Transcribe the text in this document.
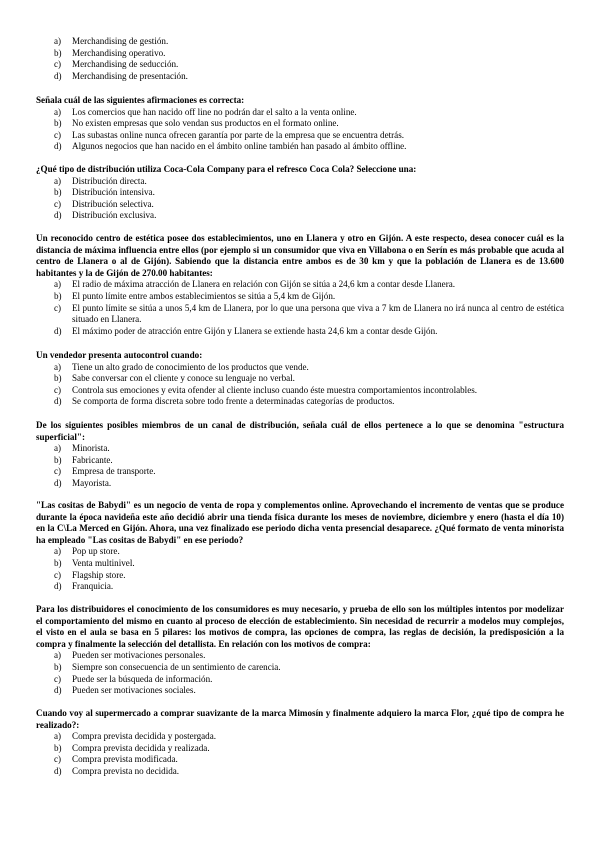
a)	Merchandising de gestión.
b)	Merchandising operativo.
c)	Merchandising de seducción.
d)	Merchandising de presentación.
Señala cuál de las siguientes afirmaciones es correcta:
a)	Los comercios que han nacido off line no podrán dar el salto a la venta online.
b)	No existen empresas que solo vendan sus productos en el formato online.
c)	Las subastas online nunca ofrecen garantía por parte de la empresa que se encuentra detrás.
d)	Algunos negocios que han nacido en el ámbito online también han pasado al ámbito offline.
¿Qué tipo de distribución utiliza Coca-Cola Company para el refresco Coca Cola? Seleccione una:
a)	Distribución directa.
b)	Distribución intensiva.
c)	Distribución selectiva.
d)	Distribución exclusiva.
Un reconocido centro de estética posee dos establecimientos, uno en Llanera y otro en Gijón. A este respecto, desea conocer cuál es la distancia de máxima influencia entre ellos (por ejemplo si un consumidor que viva en Villabona o en Serín es más probable que acuda al centro de Llanera o al de Gijón). Sabiendo que la distancia entre ambos es de 30 km y que la población de Llanera es de 13.600 habitantes y la de Gijón de 270.00 habitantes:
a)	El radio de máxima atracción de Llanera en relación con Gijón se sitúa a 24,6 km a contar desde Llanera.
b)	El punto límite entre ambos establecimientos se sitúa a 5,4 km de Gijón.
c)	El punto límite se sitúa a unos 5,4 km de Llanera, por lo que una persona que viva a 7 km de Llanera no irá nunca al centro de estética situado en Llanera.
d)	El máximo poder de atracción entre Gijón y Llanera se extiende hasta 24,6 km a contar desde Gijón.
Un vendedor presenta autocontrol cuando:
a)	Tiene un alto grado de conocimiento de los productos que vende.
b)	Sabe conversar con el cliente y conoce su lenguaje no verbal.
c)	Controla sus emociones y evita ofender al cliente incluso cuando éste muestra comportamientos incontrolables.
d)	Se comporta de forma discreta sobre todo frente a determinadas categorías de productos.
De los siguientes posibles miembros de un canal de distribución, señala cuál de ellos pertenece a lo que se denomina "estructura superficial":
a)	Minorista.
b)	Fabricante.
c)	Empresa de transporte.
d)	Mayorista.
"Las cositas de Babydi" es un negocio de venta de ropa y complementos online. Aprovechando el incremento de ventas que se produce durante la época navideña este año decidió abrir una tienda física durante los meses de noviembre, diciembre y enero (hasta el día 10) en la C\La Merced en Gijón. Ahora, una vez finalizado ese periodo dicha venta presencial desaparece. ¿Qué formato de venta minorista ha empleado "Las cositas de Babydi" en ese periodo?
a)	Pop up store.
b)	Venta multinivel.
c)	Flagship store.
d)	Franquicia.
Para los distribuidores el conocimiento de los consumidores es muy necesario, y prueba de ello son los múltiples intentos por modelizar el comportamiento del mismo en cuanto al proceso de elección de establecimiento. Sin necesidad de recurrir a modelos muy complejos, el visto en el aula se basa en 5 pilares: los motivos de compra, las opciones de compra, las reglas de decisión, la predisposición a la compra y finalmente la selección del detallista. En relación con los motivos de compra:
a)	Pueden ser motivaciones personales.
b)	Siempre son consecuencia de un sentimiento de carencia.
c)	Puede ser la búsqueda de información.
d)	Pueden ser motivaciones sociales.
Cuando voy al supermercado a comprar suavizante de la marca Mimosín y finalmente adquiero la marca Flor, ¿qué tipo de compra he realizado?:
a)	Compra prevista decidida y postergada.
b)	Compra prevista decidida y realizada.
c)	Compra prevista modificada.
d)	Compra prevista no decidida.
